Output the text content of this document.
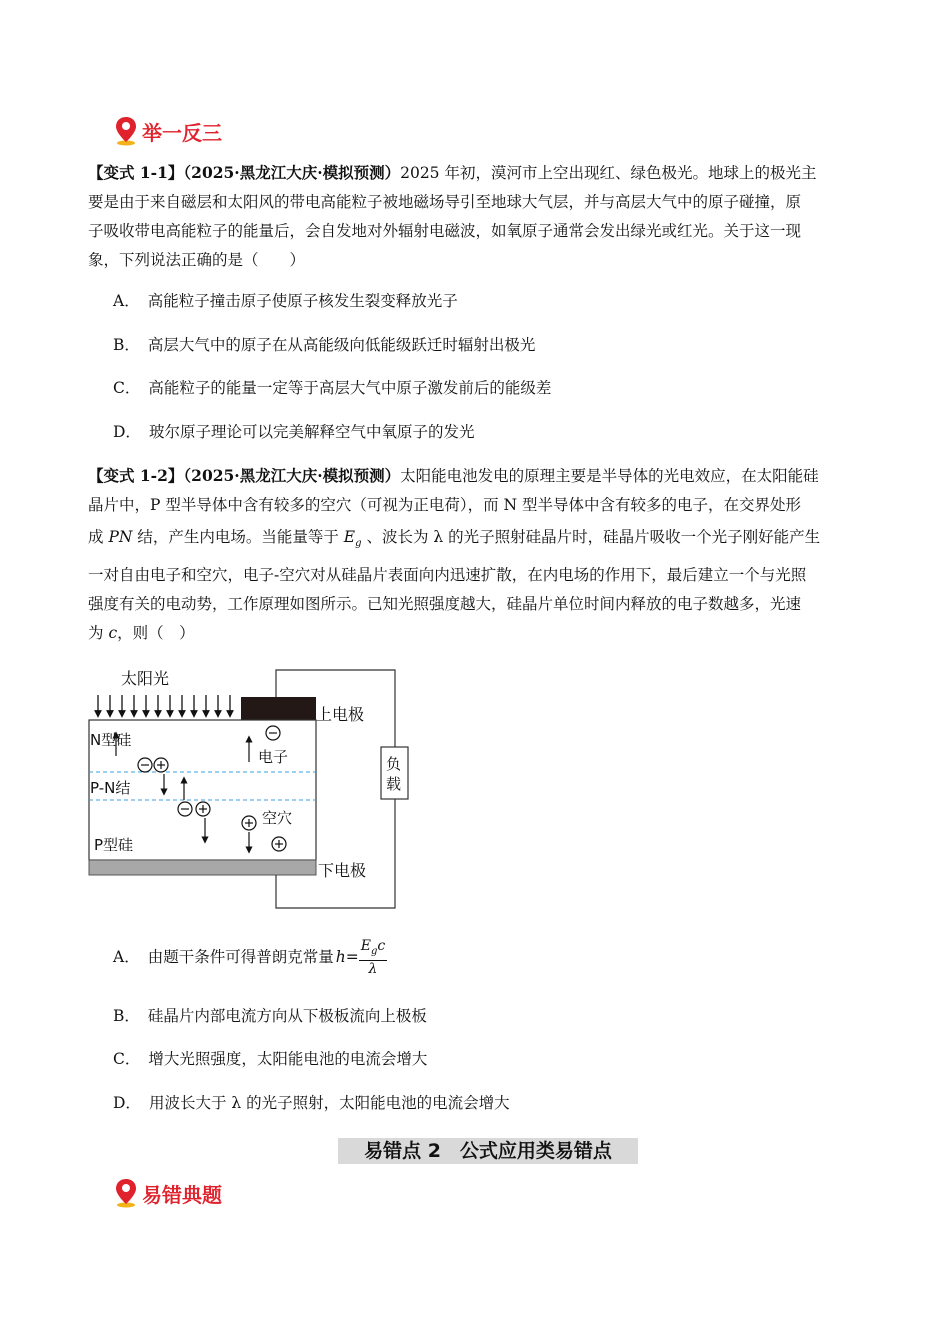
举一反三
【变式 1-1】（2025·黑龙江大庆·模拟预测）2025 年初，漠河市上空出现红、绿色极光。地球上的极光主
要是由于来自磁层和太阳风的带电高能粒子被地磁场导引至地球大气层，并与高层大气中的原子碰撞，原
子吸收带电高能粒子的能量后，会自发地对外辐射电磁波，如氧原子通常会发出绿光或红光。关于这一现
象，下列说法正确的是（　　）
A． 高能粒子撞击原子使原子核发生裂变释放光子
B． 高层大气中的原子在从高能级向低能级跃迁时辐射出极光
C． 高能粒子的能量一定等于高层大气中原子激发前后的能级差
D． 玻尔原子理论可以完美解释空气中氧原子的发光
【变式 1-2】（2025·黑龙江大庆·模拟预测）太阳能电池发电的原理主要是半导体的光电效应，在太阳能硅
晶片中，P 型半导体中含有较多的空穴（可视为正电荷），而 N 型半导体中含有较多的电子，在交界处形
成 PN 结，产生内电场。当能量等于 $E_g$ 、波长为 λ 的光子照射硅晶片时，硅晶片吸收一个光子刚好能产生
一对自由电子和空穴，电子-空穴对从硅晶片表面向内迅速扩散，在内电场的作用下，最后建立一个与光照
强度有关的电动势，工作原理如图所示。已知光照强度越大，硅晶片单位时间内释放的电子数越多，光速
为 c，则（　）
太阳光
上电极
下电极
N型硅
P-N结
P型硅
电子
空穴
负
载
A． 由题干条件可得普朗克常量 $h = \frac{E_gc}{\lambda}$
B． 硅晶片内部电流方向从下极板流向上极板
C． 增大光照强度，太阳能电池的电流会增大
D． 用波长大于 λ 的光子照射，太阳能电池的电流会增大
易错点 2　公式应用类易错点
易错典题
